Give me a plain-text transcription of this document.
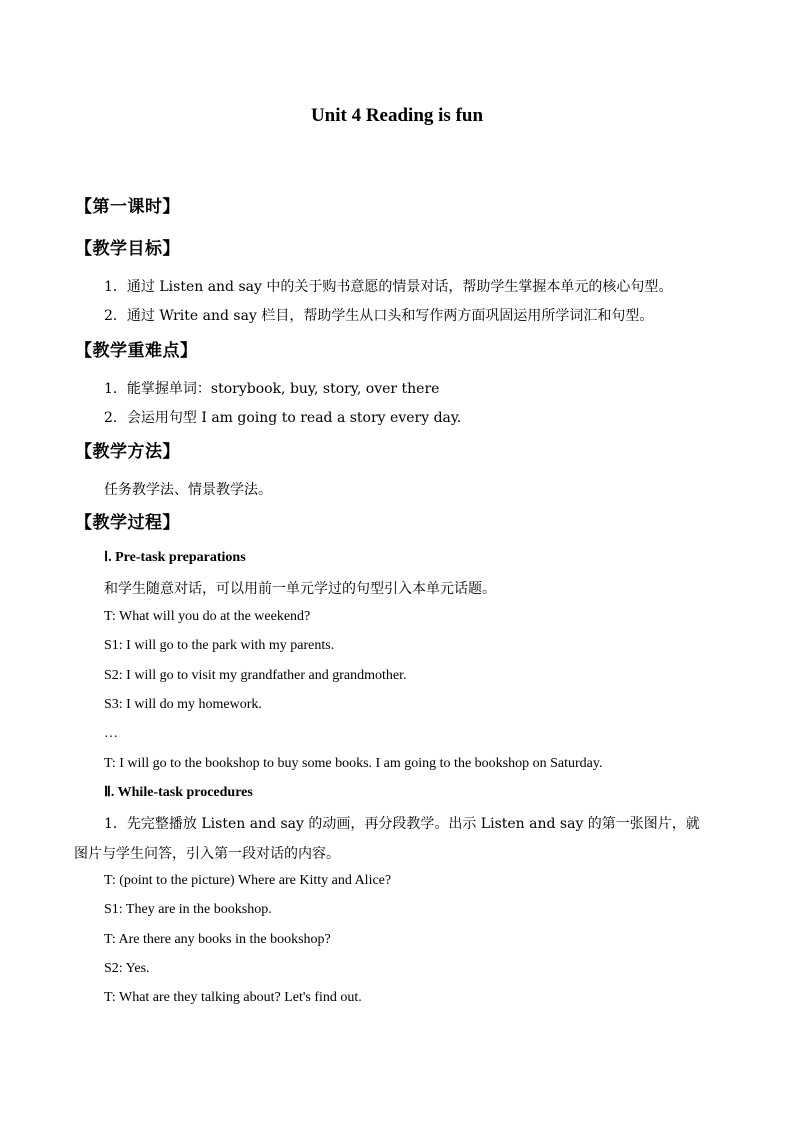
Unit 4 Reading is fun
【第一课时】
【教学目标】
1．通过 Listen and say 中的关于购书意愿的情景对话，帮助学生掌握本单元的核心句型。
2．通过 Write and say 栏目，帮助学生从口头和写作两方面巩固运用所学词汇和句型。
【教学重难点】
1．能掌握单词：storybook, buy, story, over there
2．会运用句型 I am going to read a story every day.
【教学方法】
任务教学法、情景教学法。
【教学过程】
Ⅰ. Pre-task preparations
和学生随意对话，可以用前一单元学过的句型引入本单元话题。
T: What will you do at the weekend?
S1: I will go to the park with my parents.
S2: I will go to visit my grandfather and grandmother.
S3: I will do my homework.
…
T: I will go to the bookshop to buy some books. I am going to the bookshop on Saturday.
Ⅱ. While-task procedures
1．先完整播放 Listen and say 的动画，再分段教学。出示 Listen and say 的第一张图片，就
图片与学生问答，引入第一段对话的内容。
T: (point to the picture) Where are Kitty and Alice?
S1: They are in the bookshop.
T: Are there any books in the bookshop?
S2: Yes.
T: What are they talking about? Let's find out.
